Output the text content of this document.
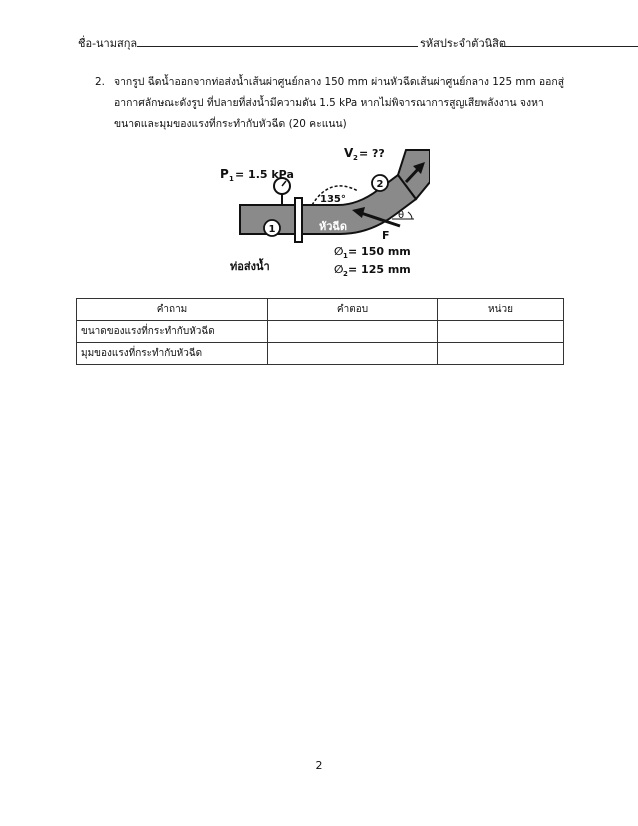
ชื่อ-นามสกุล	รหัสประจำตัวนิสิต
2. จากรูป ฉีดน้ำออกจากท่อส่งน้ำเส้นผ่าศูนย์กลาง 150 mm ผ่านหัวฉีดเส้นผ่าศูนย์กลาง 125 mm ออกสู่อากาศลักษณะดังรูป ที่ปลายที่ส่งน้ำมีความดัน 1.5 kPa หากไม่พิจารณาการสูญเสียพลังงาน จงหาขนาดและมุมของแรงที่กระทำกับหัวฉีด (20 คะแนน)
1
2
P 1 = 1.5 kPa
V 2 = ??
135°
หัวฉีด
F
θ
ท่อส่งน้ำ
∅ 1 = 150 mm
∅ 2 = 125 mm
คำถาม	คำตอบ	หน่วย
ขนาดของแรงที่กระทำกับหัวฉีด		
มุมของแรงที่กระทำกับหัวฉีด		
2
